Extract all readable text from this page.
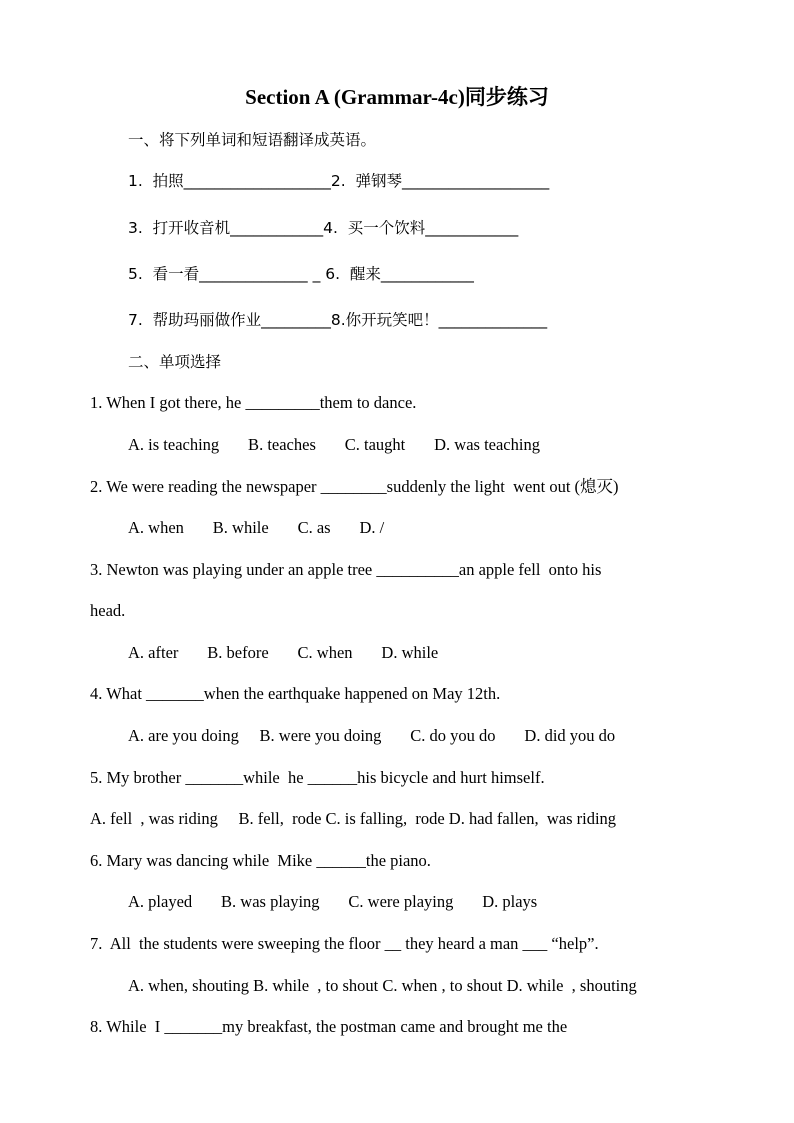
Section A (Grammar-4c)同步练习
一、将下列单词和短语翻译成英语。
1.  拍照___________________2.  弹钢琴___________________
3.  打开收音机____________4.  买一个饮料____________
5.  看一看______________ _ 6.  醒来____________
7.  帮助玛丽做作业_________8.你开玩笑吧！______________
二、单项选择
1. When I got there, he _________them to dance.
A. is teaching       B. teaches       C. taught       D. was teaching
2. We were reading the newspaper ________suddenly the light  went out (熄灭)
A. when       B. while       C. as       D. /
3. Newton was playing under an apple tree __________an apple fell  onto his
head.
A. after       B. before       C. when       D. while
4. What _______when the earthquake happened on May 12th.
A. are you doing     B. were you doing       C. do you do       D. did you do
5. My brother _______while  he ______his bicycle and hurt himself.
A. fell  , was riding     B. fell,  rode C. is falling,  rode D. had fallen,  was riding
6. Mary was dancing while  Mike ______the piano.
A. played       B. was playing       C. were playing       D. plays
7.  All  the students were sweeping the floor __ they heard a man ___ “help”.
A. when, shouting B. while  , to shout C. when , to shout D. while  , shouting
8. While  I _______my breakfast, the postman came and brought me the
